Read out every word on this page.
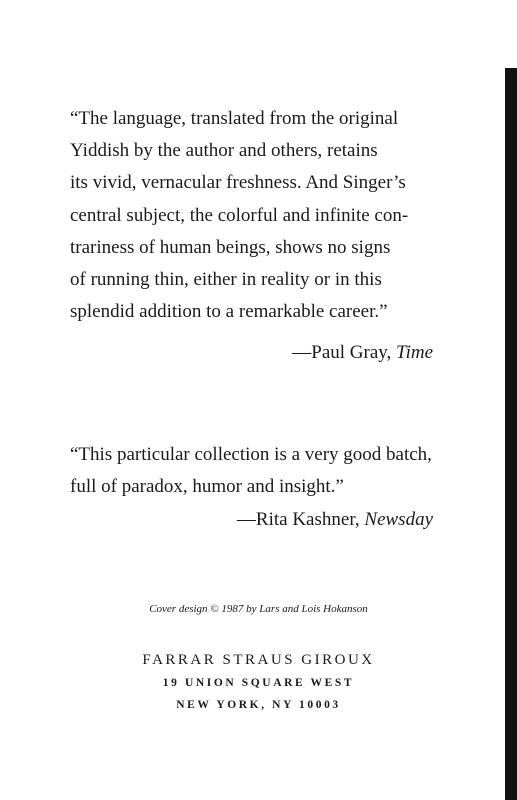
“The language, translated from the original
Yiddish by the author and others, retains
its vivid, vernacular freshness. And Singer’s
central subject, the colorful and infinite con-
trariness of human beings, shows no signs
of running thin, either in reality or in this
splendid addition to a remarkable career.”

—Paul Gray, Time

“This particular collection is a very good batch,
full of paradox, humor and insight.”

—Rita Kashner, Newsday
Cover design © 1987 by Lars and Lois Hokanson
FARRAR STRAUS GIROUX
19 UNION SQUARE WEST
NEW YORK, NY 10003
